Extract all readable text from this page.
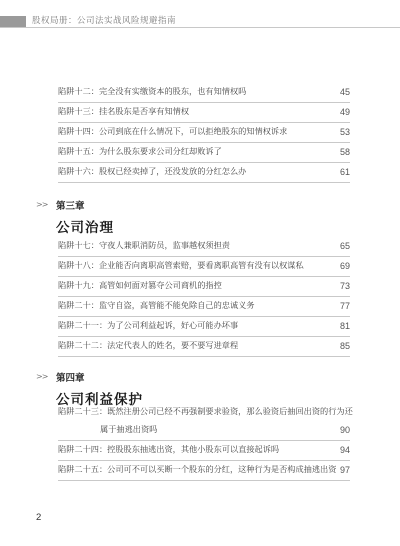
股权局册：公司法实战风险规避指南
陷阱十二：完全没有实缴资本的股东，也有知情权吗	45
陷阱十三：挂名股东是否享有知情权	49
陷阱十四：公司到底在什么情况下，可以拒绝股东的知情权诉求	53
陷阱十五：为什么股东要求公司分红却败诉了	58
陷阱十六：股权已经卖掉了，还没发放的分红怎么办	61
>> 第三章
公司治理
陷阱十七：守夜人兼职消防员，监事越权须担责	65
陷阱十八：企业能否向离职高管索赔，要看离职高管有没有以权谋私	69
陷阱十九：高管如何面对篡夺公司商机的指控	73
陷阱二十：监守自盗，高管能不能免除自己的忠诚义务	77
陷阱二十一：为了公司利益起诉，好心可能办坏事	81
陷阱二十二：法定代表人的姓名，要不要写进章程	85
>> 第四章
公司利益保护
陷阱二十三：既然注册公司已经不再强制要求验资，那么验资后抽回出资的行为还
属于抽逃出资吗	90
陷阱二十四：控股股东抽逃出资，其他小股东可以直接起诉吗	94
陷阱二十五：公司可不可以买断一个股东的分红，这种行为是否构成抽逃出资 97
2
